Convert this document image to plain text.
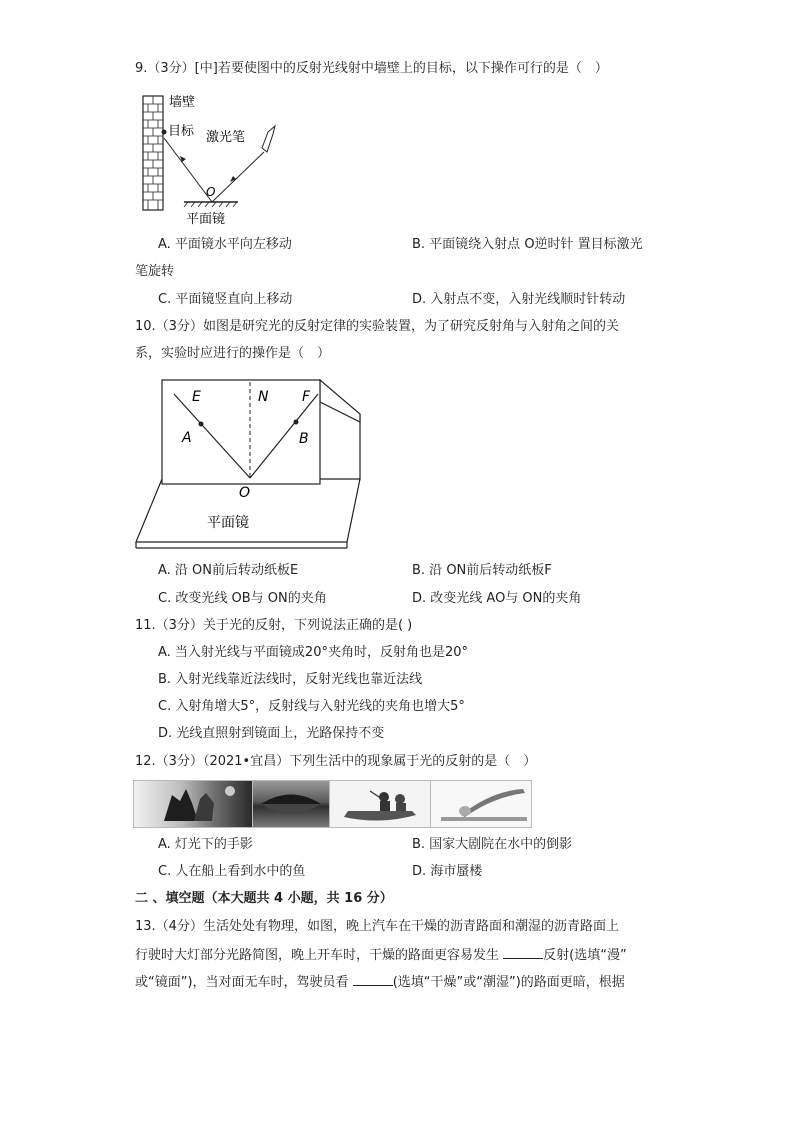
9.（3分）[中]若要使图中的反射光线射中墙壁上的目标，以下操作可行的是（　）
墙壁
目标 激光笔
O
平面镜
A. 平面镜水平向左移动	B. 平面镜绕入射点 O逆时针 置目标激光
笔旋转
C. 平面镜竖直向上移动	D. 入射点不变，入射光线顺时针转动
10.（3分）如图是研究光的反射定律的实验装置，为了研究反射角与入射角之间的关
系，实验时应进行的操作是（　）
E	N F
A	B
O
平面镜
A. 沿 ON前后转动纸板E	B. 沿 ON前后转动纸板F
C. 改变光线 OB与 ON的夹角	D. 改变光线 AO与 ON的夹角
11.（3分）关于光的反射，下列说法正确的是( )
A. 当入射光线与平面镜成20°夹角时，反射角也是20°
B. 入射光线靠近法线时，反射光线也靠近法线
C. 入射角增大5°，反射线与入射光线的夹角也增大5°
D. 光线直照射到镜面上，光路保持不变
12.（3分）（2021•宜昌）下列生活中的现象属于光的反射的是（　）
A. 灯光下的手影	B. 国家大剧院在水中的倒影
C. 人在船上看到水中的鱼	D. 海市蜃楼
二 、填空题（本大题共 4 小题，共 16 分）
13.（4分）生活处处有物理，如图，晚上汽车在干燥的沥青路面和潮湿的沥青路面上
行驶时大灯部分光路简图，晚上开车时，干燥的路面更容易发生	反射(选填“漫”
或“镜面”)，当对面无车时，驾驶员看	(选填“干燥”或“潮湿”)的路面更暗，根据
